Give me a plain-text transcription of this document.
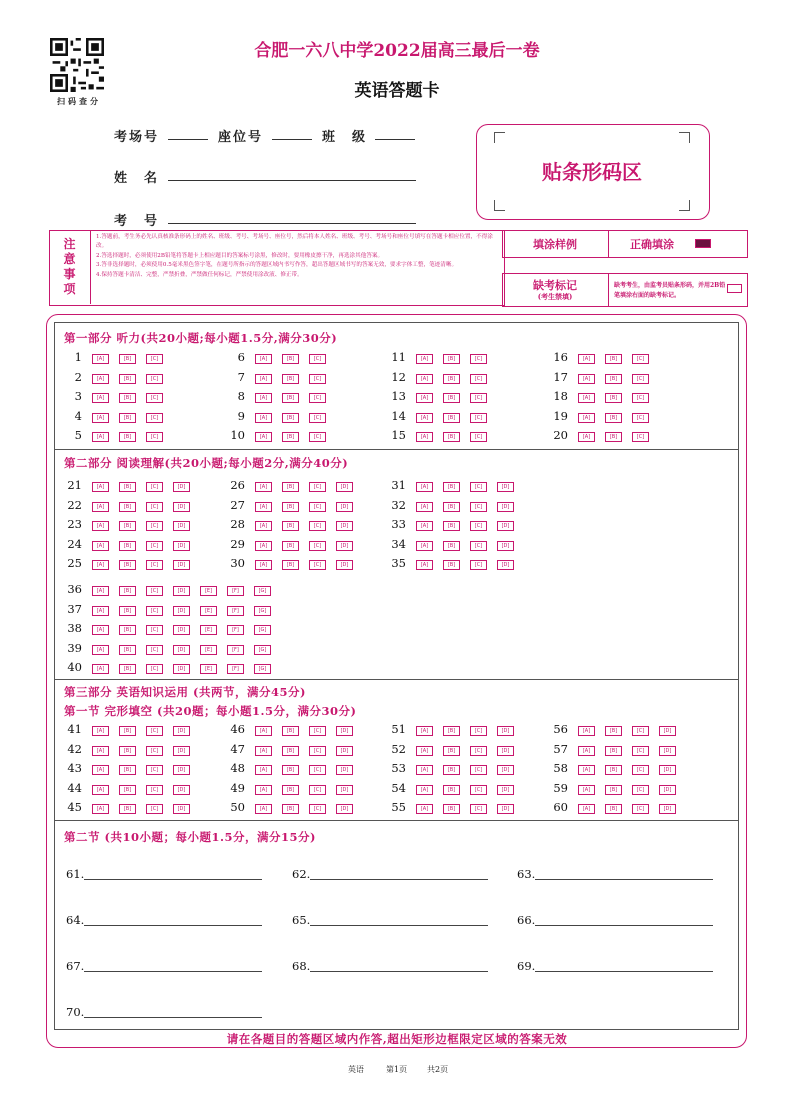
扫码查分
合肥一六八中学2022届高三最后一卷
英语答题卡
考场号	座位号	班　级
姓　名
考　号
贴条形码区
注
意
事
项
1.答题前，考生务必先认真核准条形码上的姓名、班级、考号、考场号、座位号，然后将本人姓名、班级、考号、考场号和座位号填写在答题卡相应位置，不得涂改。
2.答选择题时，必须使用2B铅笔将答题卡上相应题目的答案标号涂黑，修改时，要用橡皮擦干净，再选涂其他答案。
3.答非选择题时，必须使用0.5毫米黑色签字笔，在题号所指示的答题区域内书写作答，超出答题区域书写的答案无效，要求字体工整，笔迹清晰。
4.保持答题卡清洁、完整，严禁折叠，严禁做任何标记，严禁使用涂改液、修正带。
填涂样例	正确填涂
缺考标记
(考生禁填)
缺考考生，由监考员贴条形码，并用2B铅笔填涂右面的缺考标记。
第一部分 听力(共20小题;每小题1.5分,满分30分)
第二部分 阅读理解(共20小题;每小题2分,满分40分)
第三部分 英语知识运用 (共两节，满分45分)
第一节 完形填空 (共20题；每小题1.5分，满分30分)
第二节 (共10小题；每小题1.5分，满分15分)
1	[A]	[B]	[C]
2	[A]	[B]	[C]
3	[A]	[B]	[C]
4	[A]	[B]	[C]
5	[A]	[B]	[C]
6	[A]	[B]	[C]
7	[A]	[B]	[C]
8	[A]	[B]	[C]
9	[A]	[B]	[C]
10	[A]	[B]	[C]
11	[A]	[B]	[C]
12	[A]	[B]	[C]
13	[A]	[B]	[C]
14	[A]	[B]	[C]
15	[A]	[B]	[C]
16	[A]	[B]	[C]
17	[A]	[B]	[C]
18	[A]	[B]	[C]
19	[A]	[B]	[C]
20	[A]	[B]	[C]
21	[A]	[B]	[C]	[D]
22	[A]	[B]	[C]	[D]
23	[A]	[B]	[C]	[D]
24	[A]	[B]	[C]	[D]
25	[A]	[B]	[C]	[D]
26	[A]	[B]	[C]	[D]
27	[A]	[B]	[C]	[D]
28	[A]	[B]	[C]	[D]
29	[A]	[B]	[C]	[D]
30	[A]	[B]	[C]	[D]
31	[A]	[B]	[C]	[D]
32	[A]	[B]	[C]	[D]
33	[A]	[B]	[C]	[D]
34	[A]	[B]	[C]	[D]
35	[A]	[B]	[C]	[D]
36	[A]	[B]	[C]	[D]	[E]	[F]	[G]
37	[A]	[B]	[C]	[D]	[E]	[F]	[G]
38	[A]	[B]	[C]	[D]	[E]	[F]	[G]
39	[A]	[B]	[C]	[D]	[E]	[F]	[G]
40	[A]	[B]	[C]	[D]	[E]	[F]	[G]
41	[A]	[B]	[C]	[D]
42	[A]	[B]	[C]	[D]
43	[A]	[B]	[C]	[D]
44	[A]	[B]	[C]	[D]
45	[A]	[B]	[C]	[D]
46	[A]	[B]	[C]	[D]
47	[A]	[B]	[C]	[D]
48	[A]	[B]	[C]	[D]
49	[A]	[B]	[C]	[D]
50	[A]	[B]	[C]	[D]
51	[A]	[B]	[C]	[D]
52	[A]	[B]	[C]	[D]
53	[A]	[B]	[C]	[D]
54	[A]	[B]	[C]	[D]
55	[A]	[B]	[C]	[D]
56	[A]	[B]	[C]	[D]
57	[A]	[B]	[C]	[D]
58	[A]	[B]	[C]	[D]
59	[A]	[B]	[C]	[D]
60	[A]	[B]	[C]	[D]
61.	62.	63.
64.	65.	66.
67.	68.	69.
70.
请在各题目的答题区域内作答,超出矩形边框限定区域的答案无效
英语	第1页 共2页
